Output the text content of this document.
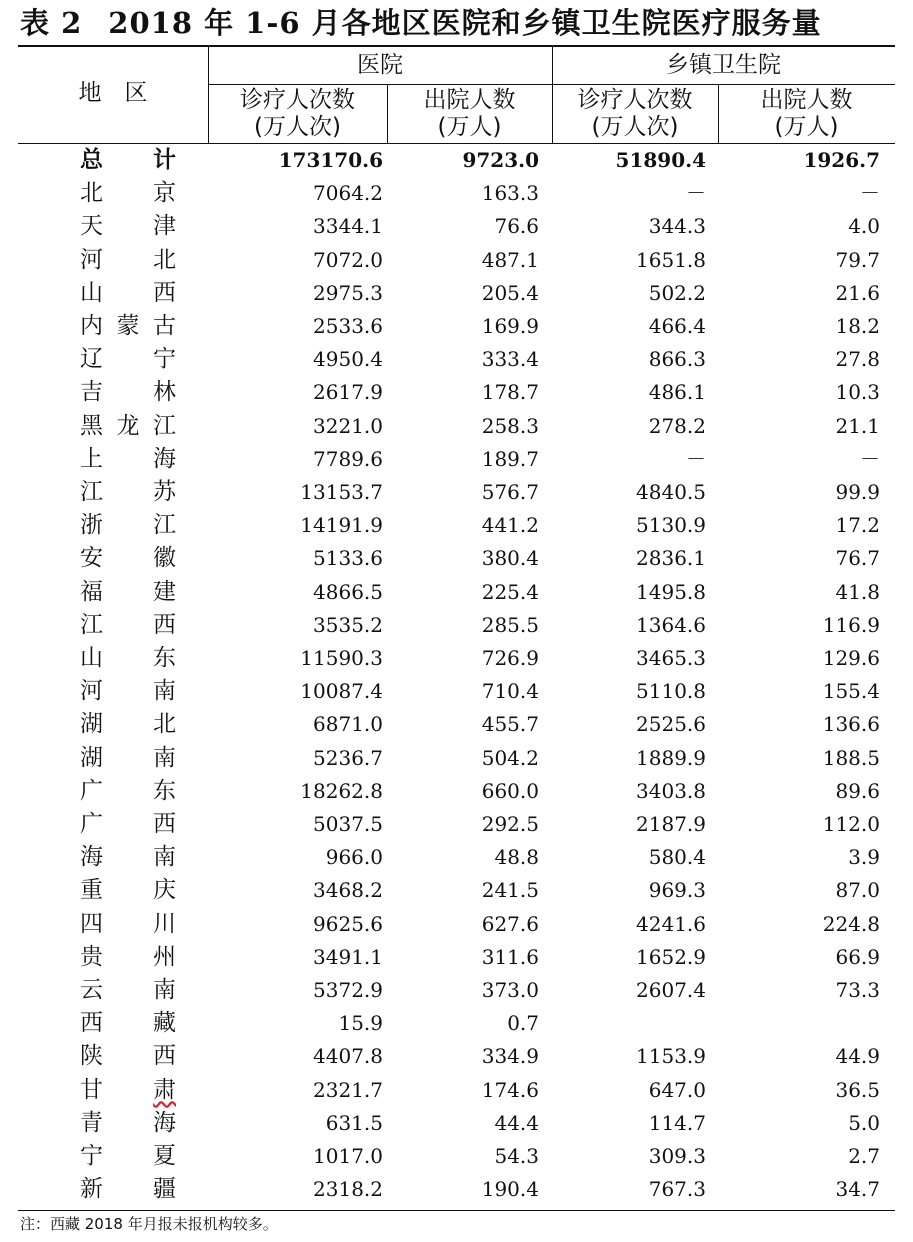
表 2 2018 年 1-6 月各地区医院和乡镇卫生院医疗服务量
地　区
医院	乡镇卫生院
诊疗人次数
(万人次)
出院人数
(万人)
诊疗人次数
(万人次)
出院人数
(万人)
总 计	173170.6	9723.0	51890.4	1926.7
北 京	7064.2	163.3	－	－
天 津	3344.1	76.6	344.3	4.0
河 北	7072.0	487.1	1651.8	79.7
山 西	2975.3	205.4	502.2	21.6
内 蒙 古	2533.6	169.9	466.4	18.2
辽 宁	4950.4	333.4	866.3	27.8
吉 林	2617.9	178.7	486.1	10.3
黑 龙 江	3221.0	258.3	278.2	21.1
上 海	7789.6	189.7	－	－
江 苏	13153.7	576.7	4840.5	99.9
浙 江	14191.9	441.2	5130.9	17.2
安 徽	5133.6	380.4	2836.1	76.7
福 建	4866.5	225.4	1495.8	41.8
江 西	3535.2	285.5	1364.6	116.9
山 东	11590.3	726.9	3465.3	129.6
河 南	10087.4	710.4	5110.8	155.4
湖 北	6871.0	455.7	2525.6	136.6
湖 南	5236.7	504.2	1889.9	188.5
广 东	18262.8	660.0	3403.8	89.6
广 西	5037.5	292.5	2187.9	112.0
海 南	966.0	48.8	580.4	3.9
重 庆	3468.2	241.5	969.3	87.0
四 川	9625.6	627.6	4241.6	224.8
贵 州	3491.1	311.6	1652.9	66.9
云 南	5372.9	373.0	2607.4	73.3
西 藏	15.9	0.7
陕 西	4407.8	334.9	1153.9	44.9
甘 肃	2321.7	174.6	647.0	36.5
青 海	631.5	44.4	114.7	5.0
宁 夏	1017.0	54.3	309.3	2.7
新 疆	2318.2	190.4	767.3	34.7
注：西藏 2018 年月报未报机构较多。
